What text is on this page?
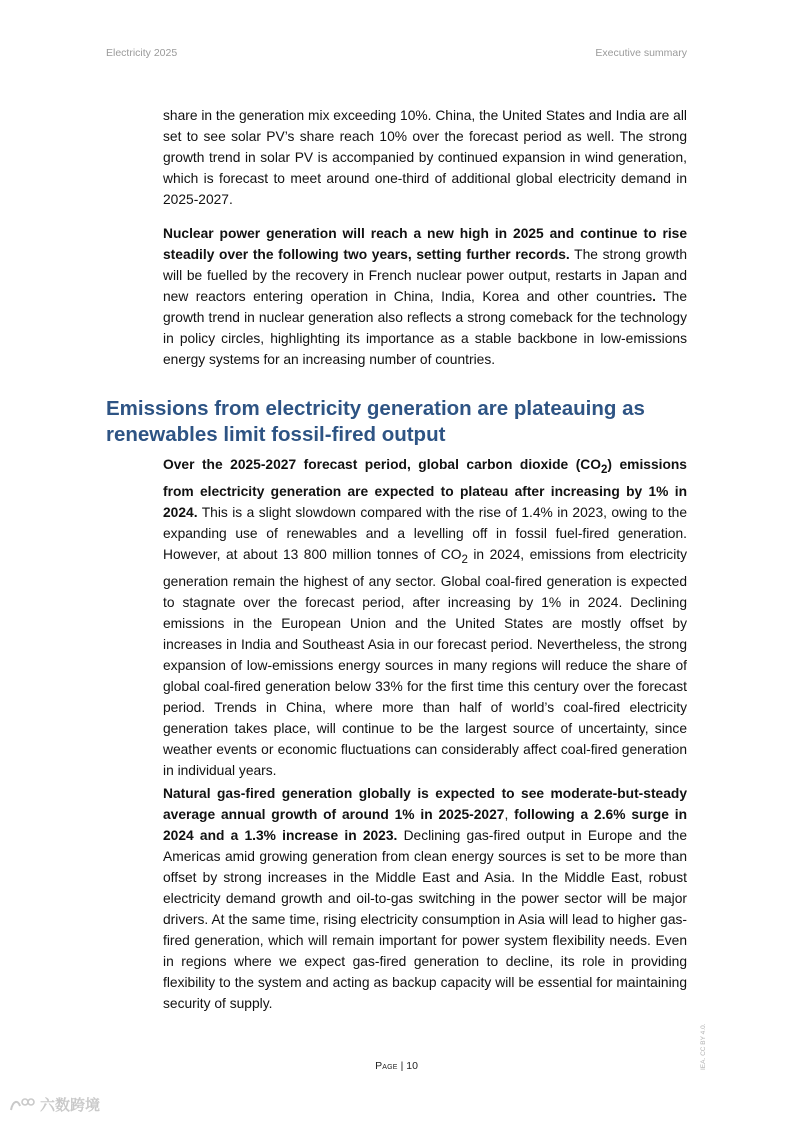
Electricity 2025	Executive summary

share in the generation mix exceeding 10%. China, the United States and India are all set to see solar PV’s share reach 10% over the forecast period as well. The strong growth trend in solar PV is accompanied by continued expansion in wind generation, which is forecast to meet around one-third of additional global electricity demand in 2025-2027.

Nuclear power generation will reach a new high in 2025 and continue to rise steadily over the following two years, setting further records. The strong growth will be fuelled by the recovery in French nuclear power output, restarts in Japan and new reactors entering operation in China, India, Korea and other countries. The growth trend in nuclear generation also reflects a strong comeback for the technology in policy circles, highlighting its importance as a stable backbone in low-emissions energy systems for an increasing number of countries.

Emissions from electricity generation are plateauing as renewables limit fossil-fired output

Over the 2025-2027 forecast period, global carbon dioxide $(CO_2)$ emissions from electricity generation are expected to plateau after increasing by 1% in 2024. This is a slight slowdown compared with the rise of 1.4% in 2023, owing to the expanding use of renewables and a levelling off in fossil fuel-fired generation. However, at about 13 800 million tonnes of $CO_2$ in 2024, emissions from electricity generation remain the highest of any sector. Global coal-fired generation is expected to stagnate over the forecast period, after increasing by 1% in 2024. Declining emissions in the European Union and the United States are mostly offset by increases in India and Southeast Asia in our forecast period. Nevertheless, the strong expansion of low-emissions energy sources in many regions will reduce the share of global coal-fired generation below 33% for the first time this century over the forecast period. Trends in China, where more than half of world’s coal-fired electricity generation takes place, will continue to be the largest source of uncertainty, since weather events or economic fluctuations can considerably affect coal-fired generation in individual years.

Natural gas-fired generation globally is expected to see moderate-but-steady average annual growth of around 1% in 2025-2027, following a 2.6% surge in 2024 and a 1.3% increase in 2023. Declining gas-fired output in Europe and the Americas amid growing generation from clean energy sources is set to be more than offset by strong increases in the Middle East and Asia. In the Middle East, robust electricity demand growth and oil-to-gas switching in the power sector will be major drivers. At the same time, rising electricity consumption in Asia will lead to higher gas-fired generation, which will remain important for power system flexibility needs. Even in regions where we expect gas-fired generation to decline, its role in providing flexibility to the system and acting as backup capacity will be essential for maintaining security of supply.

Page | 10	IEA. CC BY 4.0.
六数跨境
